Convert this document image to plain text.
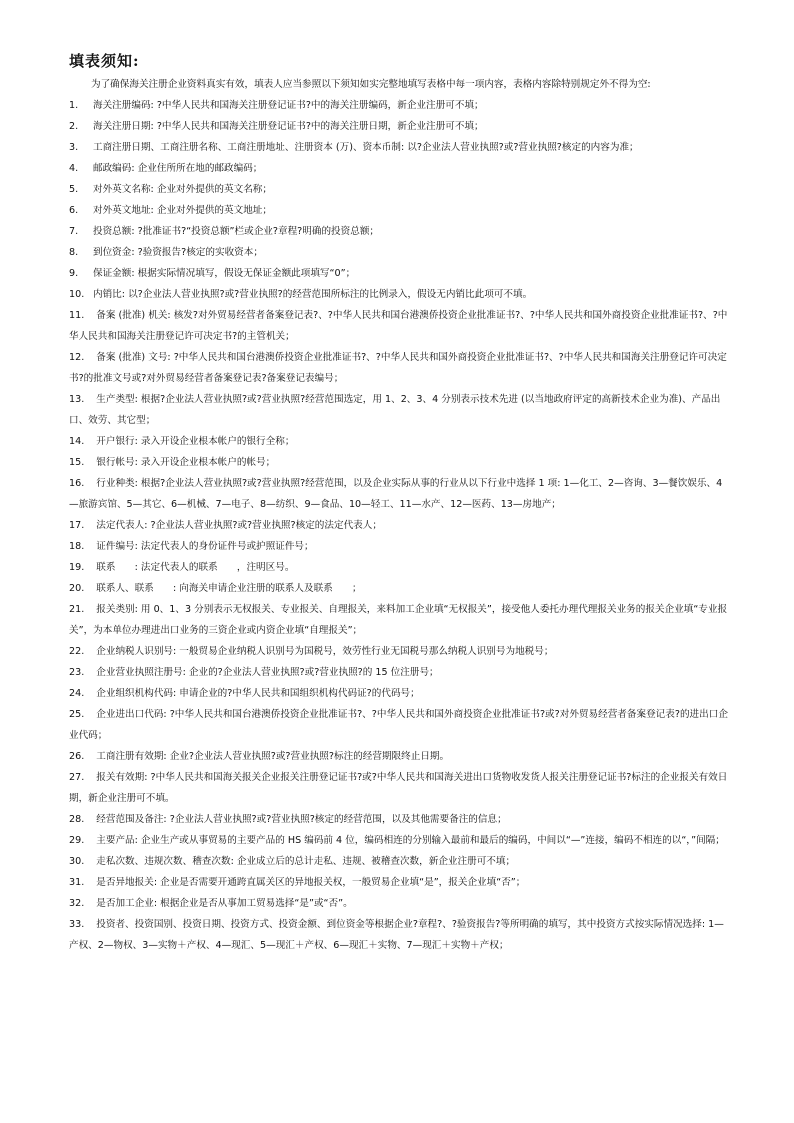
填表须知:

为了确保海关注册企业资料真实有效，填表人应当参照以下须知如实完整地填写表格中每一项内容，表格内容除特别规定外不得为空:

1. 海关注册编码: ?中华人民共和国海关注册登记证书?中的海关注册编码，新企业注册可不填；

2. 海关注册日期: ?中华人民共和国海关注册登记证书?中的海关注册日期，新企业注册可不填；

3. 工商注册日期、工商注册名称、工商注册地址、注册资本 (万)、资本币制: 以?企业法人营业执照?或?营业执照?核定的内容为准；

4. 邮政编码: 企业住所所在地的邮政编码；

5. 对外英文名称: 企业对外提供的英文名称；

6. 对外英文地址: 企业对外提供的英文地址；

7. 投资总额: ?批准证书?“投资总额”栏或企业?章程?明确的投资总额；

8. 到位资金: ?验资报告?核定的实收资本；

9. 保证金额: 根据实际情况填写，假设无保证金额此项填写“0”；

10. 内销比: 以?企业法人营业执照?或?营业执照?的经营范围所标注的比例录入，假设无内销比此项可不填。

11. 备案 (批准) 机关: 核发?对外贸易经营者备案登记表?、?中华人民共和国台港澳侨投资企业批准证书?、?中华人民共和国外商投资企业批准证书?、?中华人民共和国海关注册登记许可决定书?的主管机关；

12. 备案 (批准) 文号: ?中华人民共和国台港澳侨投资企业批准证书?、?中华人民共和国外商投资企业批准证书?、?中华人民共和国海关注册登记许可决定书?的批准文号或?对外贸易经营者备案登记表?备案登记表编号；

13. 生产类型: 根据?企业法人营业执照?或?营业执照?经营范围选定，用 1、2、3、4 分别表示技术先进 (以当地政府评定的高新技术企业为准)、产品出口、效劳、其它型；

14. 开户银行: 录入开设企业根本帐户的银行全称；

15. 银行帐号: 录入开设企业根本帐户的帐号；

16. 行业种类: 根据?企业法人营业执照?或?营业执照?经营范围，以及企业实际从事的行业从以下行业中选择 1 项: 1—化工、2—咨询、3—餐饮娱乐、4—旅游宾馆、5—其它、6—机械、7—电子、8—纺织、9—食品、10—轻工、11—水产、12—医药、13—房地产；

17. 法定代表人: ?企业法人营业执照?或?营业执照?核定的法定代表人；

18. 证件编号: 法定代表人的身份证件号或护照证件号；

19. 联系　　: 法定代表人的联系　　，注明区号。

20. 联系人、联系　　: 向海关申请企业注册的联系人及联系　　；

21. 报关类别: 用 0、1、3 分别表示无权报关、专业报关、自理报关，来料加工企业填“无权报关”，接受他人委托办理代理报关业务的报关企业填“专业报关”，为本单位办理进出口业务的三资企业或内资企业填“自理报关”；

22. 企业纳税人识别号: 一般贸易企业纳税人识别号为国税号，效劳性行业无国税号那么纳税人识别号为地税号；

23. 企业营业执照注册号: 企业的?企业法人营业执照?或?营业执照?的 15 位注册号；

24. 企业组织机构代码: 申请企业的?中华人民共和国组织机构代码证?的代码号；

25. 企业进出口代码: ?中华人民共和国台港澳侨投资企业批准证书?、?中华人民共和国外商投资企业批准证书?或?对外贸易经营者备案登记表?的进出口企业代码；

26. 工商注册有效期: 企业?企业法人营业执照?或?营业执照?标注的经营期限终止日期。

27. 报关有效期: ?中华人民共和国海关报关企业报关注册登记证书?或?中华人民共和国海关进出口货物收发货人报关注册登记证书?标注的企业报关有效日期，新企业注册可不填。

28. 经营范围及备注: ?企业法人营业执照?或?营业执照?核定的经营范围，以及其他需要备注的信息；

29. 主要产品: 企业生产或从事贸易的主要产品的 HS 编码前 4 位，编码相连的分别输入最前和最后的编码，中间以“—”连接，编码不相连的以“，”间隔；

30. 走私次数、违规次数、稽查次数: 企业成立后的总计走私、违规、被稽查次数，新企业注册可不填；

31. 是否异地报关: 企业是否需要开通跨直属关区的异地报关权，一般贸易企业填“是”，报关企业填“否”；

32. 是否加工企业: 根据企业是否从事加工贸易选择“是”或“否”。

33. 投资者、投资国别、投资日期、投资方式、投资金额、到位资金等根据企业?章程?、?验资报告?等所明确的填写，其中投资方式按实际情况选择: 1—产权、2—物权、3—实物＋产权、4—现汇、5—现汇＋产权、6—现汇＋实物、7—现汇＋实物＋产权；
